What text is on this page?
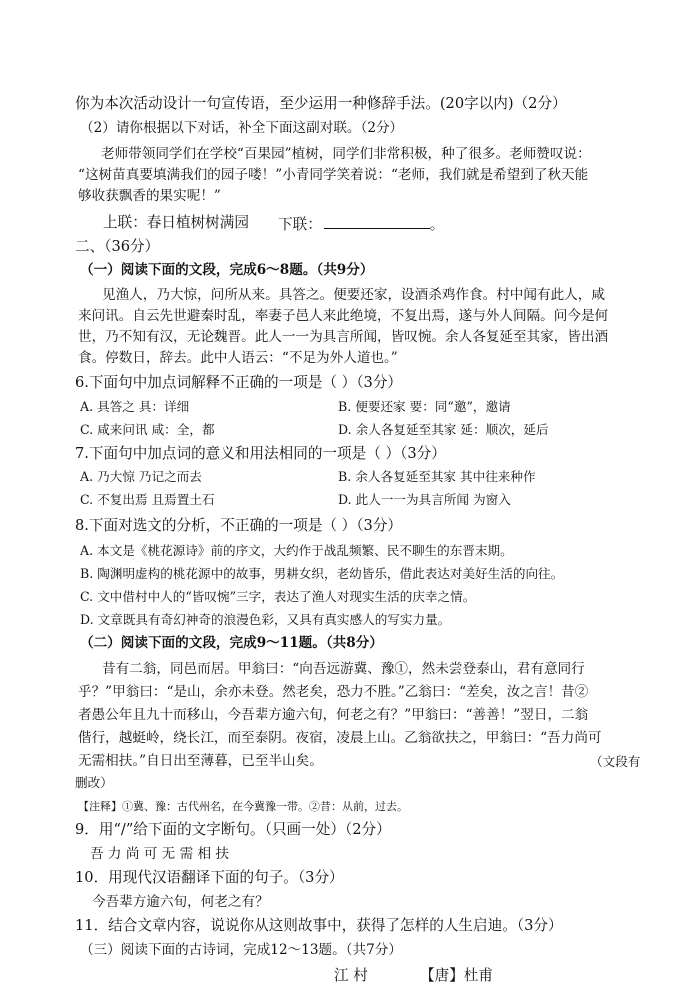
你为本次活动设计一句宣传语，至少运用一种修辞手法。(20字以内)（2分）
（2）请你根据以下对话，补全下面这副对联。（2分）
老师带领同学们在学校“百果园”植树，同学们非常积极，种了很多。老师赞叹说：
“这树苗真要填满我们的园子喽！”小青同学笑着说：“老师，我们就是希望到了秋天能
够收获飘香的果实呢！”
上联：春日植树树满园 下联：	。
二、（36分）
（一）阅读下面的文段，完成6～8题。（共9分）
见渔人，乃大惊，问所从来。具答之。便要还家，设酒杀鸡作食。村中闻有此人，咸
来问讯。自云先世避秦时乱，率妻子邑人来此绝境，不复出焉，遂与外人间隔。问今是何
世，乃不知有汉，无论魏晋。此人一一为具言所闻，皆叹惋。余人各复延至其家，皆出酒
食。停数日，辞去。此中人语云：“不足为外人道也。”
6.下面句中加点词解释不正确的一项是（ ）（3分）
A. 具答之 具：详细	B. 便要还家 要：同“邀”，邀请
C. 咸来问讯 咸：全，都	D. 余人各复延至其家 延：顺次，延后
7.下面句中加点词的意义和用法相同的一项是（ ）（3分）
A. 乃大惊 乃记之而去	B. 余人各复延至其家 其中往来种作
C. 不复出焉 且焉置土石	D. 此人一一为具言所闻 为窗入
8.下面对选文的分析，不正确的一项是（ ）（3分）
A. 本文是《桃花源诗》前的序文，大约作于战乱频繁、民不聊生的东晋末期。
B. 陶渊明虚构的桃花源中的故事，男耕女织，老幼皆乐，借此表达对美好生活的向往。
C. 文中借村中人的“皆叹惋”三字，表达了渔人对现实生活的庆幸之情。
D. 文章既具有奇幻神奇的浪漫色彩，又具有真实感人的写实力量。
（二）阅读下面的文段，完成9～11题。（共8分）
昔有二翁，同邑而居。甲翁曰：“向吾远游冀、豫①，然未尝登泰山，君有意同行
乎？”甲翁曰：“是山，余亦未登。然老矣，恐力不胜。”乙翁曰：“差矣，汝之言！昔②
者愚公年且九十而移山，今吾辈方逾六旬，何老之有？”甲翁曰：“善善！”翌日，二翁
偕行，越蜓岭，绕长江，而至泰阴。夜宿，凌晨上山。乙翁欲扶之，甲翁曰：“吾力尚可
无需相扶。”自日出至薄暮，已至半山矣。	（文段有
删改）
【注释】①冀、豫：古代州名，在今冀豫一带。②昔：从前，过去。
9．用“/”给下面的文字断句。（只画一处）（2分）
吾 力 尚 可 无 需 相 扶
10．用现代汉语翻译下面的句子。（3分）
今吾辈方逾六旬，何老之有？
11．结合文章内容，说说你从这则故事中，获得了怎样的人生启迪。（3分）
（三）阅读下面的古诗词，完成12～13题。（共7分）
江 村	【唐】杜甫
